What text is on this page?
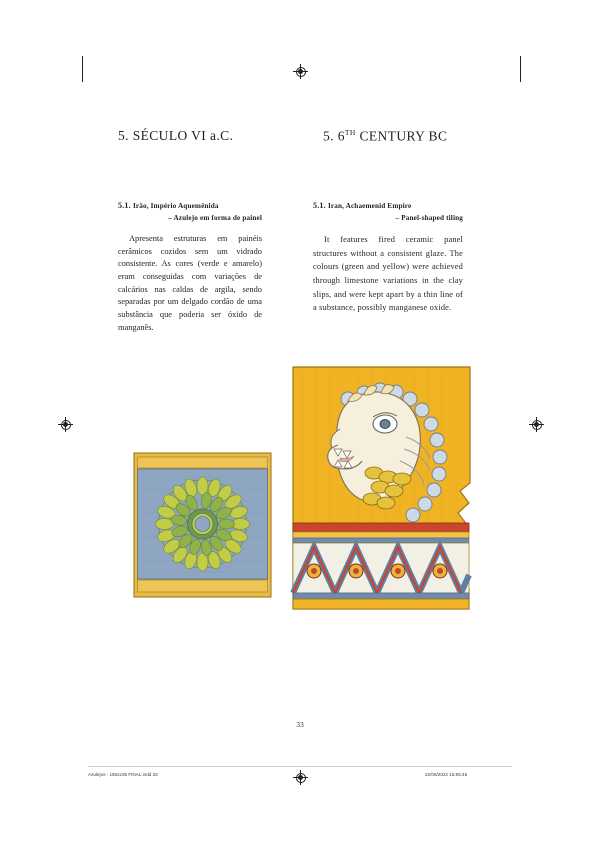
5. SÉCULO VI a.C.	5. 6TH CENTURY BC
5.1. Irão, Império Aquemênida
– Azulejo em forma de painel

Apresenta estruturas em painéis cerâmicos cozidos sem um vidrado consistente. As cores (verde e amarelo) eram conseguidas com variações de calcários nas caldas de argila, sendo separadas por um delgado cordão de uma substância que poderia ser óxido de manganês.

5.1. Iran, Achaemenid Empire
– Panel-shaped tiling

It features fired ceramic panel structures without a consistent glaze. The colours (green and yellow) were achieved through limestone variations in the clay slips, and were kept apart by a thin line of a substance, possibly manganese oxide.

33
Azulejos - 155x235 FINAL.indd 33	22/06/2022 15:55:45
